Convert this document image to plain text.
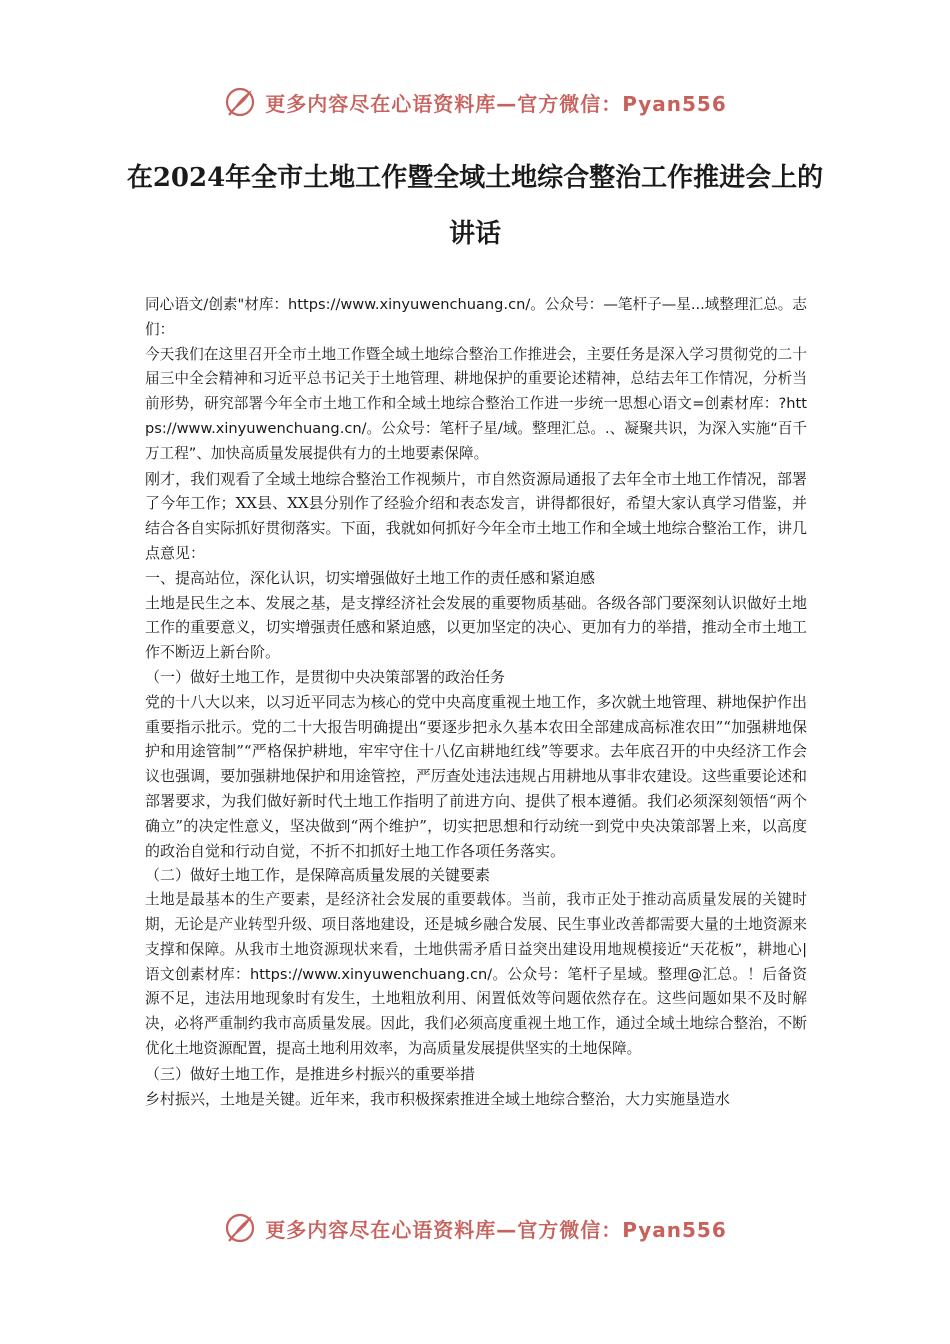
更多内容尽在心语资料库—官方微信：Pyan556
在2024年全市土地工作暨全域土地综合整治工作推进会上的讲话

同心语文/创素"材库：https://www.xinyuwenchuang.cn/。公众号：—笔杆子—星...域整理汇总。志们：

今天我们在这里召开全市土地工作暨全域土地综合整治工作推进会，主要任务是深入学习贯彻党的二十届三中全会精神和习近平总书记关于土地管理、耕地保护的重要论述精神，总结去年工作情况，分析当前形势，研究部署今年全市土地工作和全域土地综合整治工作进一步统一思想心语文=创素材库：?https://www.xinyuwenchuang.cn/。公众号：笔杆子星/域。整理汇总。.、凝聚共识，为深入实施“百千万工程”、加快高质量发展提供有力的土地要素保障。

刚才，我们观看了全域土地综合整治工作视频片，市自然资源局通报了去年全市土地工作情况，部署了今年工作；XX县、XX县分别作了经验介绍和表态发言，讲得都很好，希望大家认真学习借鉴，并结合各自实际抓好贯彻落实。下面，我就如何抓好今年全市土地工作和全域土地综合整治工作，讲几点意见：

一、提高站位，深化认识，切实增强做好土地工作的责任感和紧迫感

土地是民生之本、发展之基，是支撑经济社会发展的重要物质基础。各级各部门要深刻认识做好土地工作的重要意义，切实增强责任感和紧迫感，以更加坚定的决心、更加有力的举措，推动全市土地工作不断迈上新台阶。

（一）做好土地工作，是贯彻中央决策部署的政治任务

党的十八大以来，以习近平同志为核心的党中央高度重视土地工作，多次就土地管理、耕地保护作出重要指示批示。党的二十大报告明确提出“要逐步把永久基本农田全部建成高标准农田”“加强耕地保护和用途管制”“严格保护耕地，牢牢守住十八亿亩耕地红线”等要求。去年底召开的中央经济工作会议也强调，要加强耕地保护和用途管控，严厉查处违法违规占用耕地从事非农建设。这些重要论述和部署要求，为我们做好新时代土地工作指明了前进方向、提供了根本遵循。我们必须深刻领悟“两个确立”的决定性意义，坚决做到“两个维护”，切实把思想和行动统一到党中央决策部署上来，以高度的政治自觉和行动自觉，不折不扣抓好土地工作各项任务落实。

（二）做好土地工作，是保障高质量发展的关键要素

土地是最基本的生产要素，是经济社会发展的重要载体。当前，我市正处于推动高质量发展的关键时期，无论是产业转型升级、项目落地建设，还是城乡融合发展、民生事业改善都需要大量的土地资源来支撑和保障。从我市土地资源现状来看，土地供需矛盾日益突出建设用地规模接近“天花板”，耕地心|语文创素材库：https://www.xinyuwenchuang.cn/。公众号：笔杆子星域。整理@汇总。！后备资源不足，违法用地现象时有发生，土地粗放利用、闲置低效等问题依然存在。这些问题如果不及时解决，必将严重制约我市高质量发展。因此，我们必须高度重视土地工作，通过全域土地综合整治，不断优化土地资源配置，提高土地利用效率，为高质量发展提供坚实的土地保障。

（三）做好土地工作，是推进乡村振兴的重要举措

乡村振兴，土地是关键。近年来，我市积极探索推进全域土地综合整治，大力实施垦造水

更多内容尽在心语资料库—官方微信：Pyan556
